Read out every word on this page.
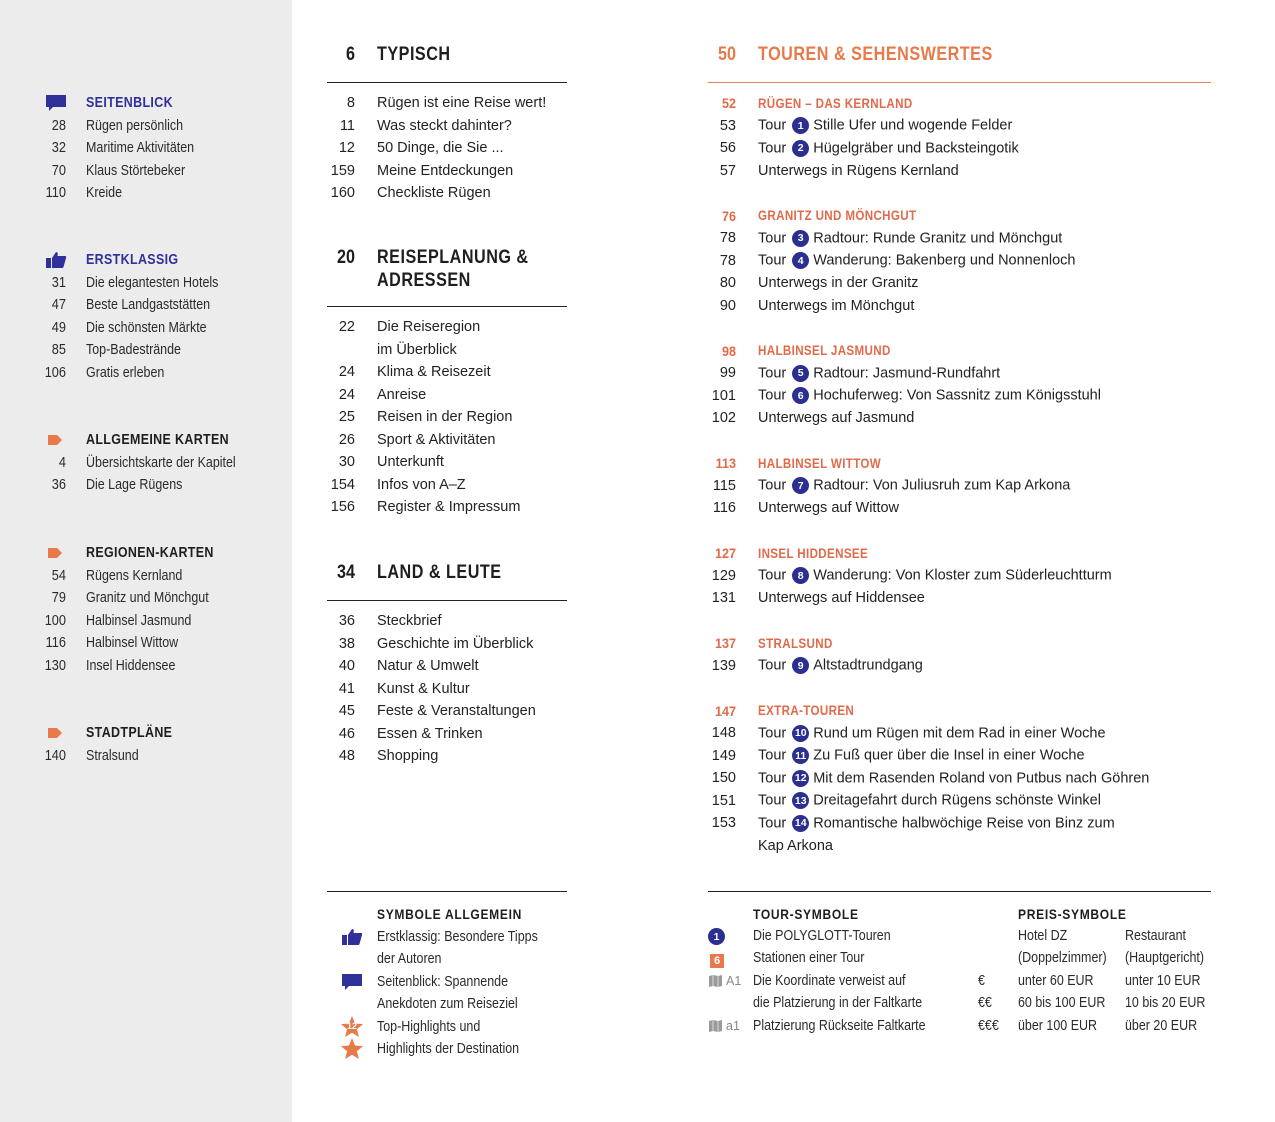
SEITENBLICK
28 Rügen persönlich
32 Maritime Aktivitäten
70 Klaus Störtebeker
110 Kreide
ERSTKLASSIG
31 Die elegantesten Hotels
47 Beste Landgaststätten
49 Die schönsten Märkte
85 Top-Badestrände
106 Gratis erleben
ALLGEMEINE KARTEN
4 Übersichtskarte der Kapitel
36 Die Lage Rügens
REGIONEN-KARTEN
54 Rügens Kernland
79 Granitz und Mönchgut
100 Halbinsel Jasmund
116 Halbinsel Wittow
130 Insel Hiddensee
STADTPLÄNE
140 Stralsund
6 TYPISCH
8 Rügen ist eine Reise wert!
11 Was steckt dahinter?
12 50 Dinge, die Sie ...
159 Meine Entdeckungen
160 Checkliste Rügen
20 REISEPLANUNG &
ADRESSEN
22 Die Reiseregion
im Überblick
24 Klima & Reisezeit
24 Anreise
25 Reisen in der Region
26 Sport & Aktivitäten
30 Unterkunft
154 Infos von A–Z
156 Register & Impressum
34 LAND & LEUTE
36 Steckbrief
38 Geschichte im Überblick
40 Natur & Umwelt
41 Kunst & Kultur
45 Feste & Veranstaltungen
46 Essen & Trinken
48 Shopping
50 TOUREN & SEHENSWERTES
52 RÜGEN – DAS KERNLAND
53 Tour 1 Stille Ufer und wogende Felder
56 Tour 2 Hügelgräber und Backsteingotik
57 Unterwegs in Rügens Kernland
76 GRANITZ UND MÖNCHGUT
78 Tour 3 Radtour: Runde Granitz und Mönchgut
78 Tour 4 Wanderung: Bakenberg und Nonnenloch
80 Unterwegs in der Granitz
90 Unterwegs im Mönchgut
98 HALBINSEL JASMUND
99 Tour 5 Radtour: Jasmund-Rundfahrt
101 Tour 6 Hochuferweg: Von Sassnitz zum Königsstuhl
102 Unterwegs auf Jasmund
113 HALBINSEL WITTOW
115 Tour 7 Radtour: Von Juliusruh zum Kap Arkona
116 Unterwegs auf Wittow
127 INSEL HIDDENSEE
129 Tour 8 Wanderung: Von Kloster zum Süderleuchtturm
131 Unterwegs auf Hiddensee
137 STRALSUND
139 Tour 9 Altstadtrundgang
147 EXTRA-TOUREN
148 Tour 10 Rund um Rügen mit dem Rad in einer Woche
149 Tour 11 Zu Fuß quer über die Insel in einer Woche
150 Tour 12 Mit dem Rasenden Roland von Putbus nach Göhren
151 Tour 13 Dreitagefahrt durch Rügens schönste Winkel
153 Tour 14 Romantische halbwöchige Reise von Binz zum
Kap Arkona
SYMBOLE ALLGEMEIN
Erstklassig: Besondere Tipps
der Autoren
Seitenblick: Spannende
Anekdoten zum Reiseziel
12 Top-Highlights und
Highlights der Destination
TOUR-SYMBOLE
1	Die POLYGLOTT-Touren
6 Stationen einer Tour
A1 Die Koordinate verweist auf
die Platzierung in der Faltkarte
a1 Platzierung Rückseite Faltkarte
PREIS-SYMBOLE
Hotel DZ	Restaurant
(Doppelzimmer) (Hauptgericht)
€ unter 60 EUR unter 10 EUR
€€ 60 bis 100 EUR 10 bis 20 EUR
€€€ über 100 EUR über 20 EUR
